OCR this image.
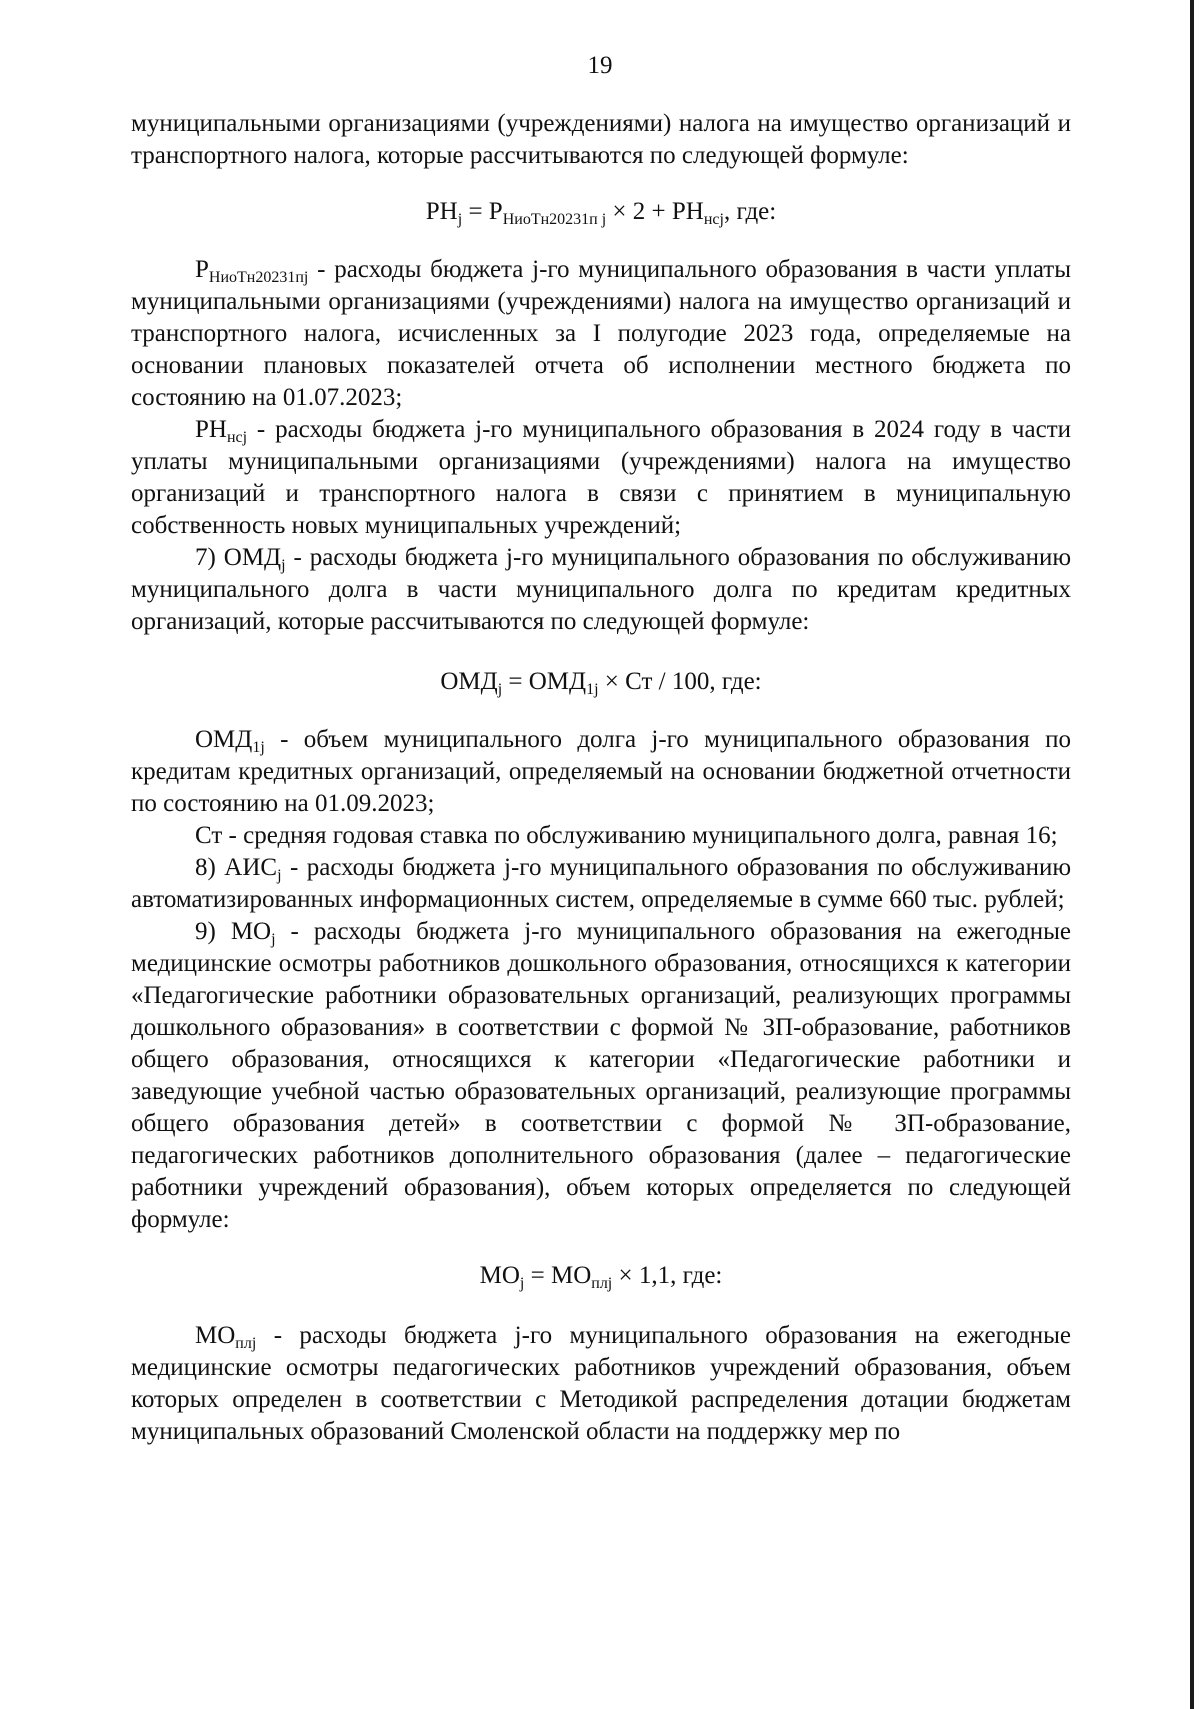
19

муниципальными организациями (учреждениями) налога на имущество организаций и транспортного налога, которые рассчитываются по следующей формуле:

$РН_j = Р_{НиоТн20231п j} \times 2 + РН_{нсj}$, где:

$Р_{НиоТн20231пj}$ - расходы бюджета j-го муниципального образования в части уплаты муниципальными организациями (учреждениями) налога на имущество организаций и транспортного налога, исчисленных за I полугодие 2023 года, определяемые на основании плановых показателей отчета об исполнении местного бюджета по состоянию на 01.07.2023;

$РН_{нсj}$ - расходы бюджета j-го муниципального образования в 2024 году в части уплаты муниципальными организациями (учреждениями) налога на имущество организаций и транспортного налога в связи с принятием в муниципальную собственность новых муниципальных учреждений;

7) $ОМД_j$ - расходы бюджета j-го муниципального образования по обслуживанию муниципального долга в части муниципального долга по кредитам кредитных организаций, которые рассчитываются по следующей формуле:

$ОМД_j = ОМД_{1j}$ × Ст / 100, где:

$ОМД_{1j}$ - объем муниципального долга j-го муниципального образования по кредитам кредитных организаций, определяемый на основании бюджетной отчетности по состоянию на 01.09.2023;

Ст - средняя годовая ставка по обслуживанию муниципального долга, равная 16;

8) $АИС_j$ - расходы бюджета j-го муниципального образования по обслуживанию автоматизированных информационных систем, определяемые в сумме 660 тыс. рублей;

9) $МО_j$ - расходы бюджета j-го муниципального образования на ежегодные медицинские осмотры работников дошкольного образования, относящихся к категории «Педагогические работники образовательных организаций, реализующих программы дошкольного образования» в соответствии с формой № ЗП-образование, работников общего образования, относящихся к категории «Педагогические работники и заведующие учебной частью образовательных организаций, реализующие программы общего образования детей» в соответствии с формой № ЗП-образование, педагогических работников дополнительного образования (далее – педагогические работники учреждений образования), объем которых определяется по следующей формуле:

$МО_j = МО_{плj} \times 1,1$, где:

$МО_{плj}$ - расходы бюджета j-го муниципального образования на ежегодные медицинские осмотры педагогических работников учреждений образования, объем которых определен в соответствии с Методикой распределения дотации бюджетам муниципальных образований Смоленской области на поддержку мер по
